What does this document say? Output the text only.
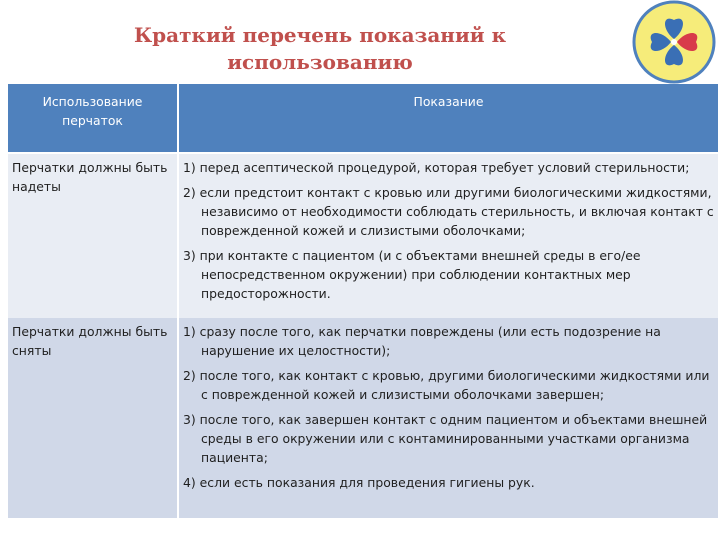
Краткий перечень показаний к использованию
Использование перчаток	Показание
Перчатки должны быть надеты	1) перед асептической процедурой, которая требует условий стерильности;
2) если предстоит контакт с кровью или другими биологическими жидкостями, независимо от необходимости соблюдать стерильность, и включая контакт с поврежденной кожей и слизистыми оболочками;
3) при контакте с пациентом (и с объектами внешней среды в его/ее непосредственном окружении) при соблюдении контактных мер предосторожности.

Перчатки должны быть сняты	1) сразу после того, как перчатки повреждены (или есть подозрение на нарушение их целостности);
2) после того, как контакт с кровью, другими биологическими жидкостями или с поврежденной кожей и слизистыми оболочками завершен;
3) после того, как завершен контакт с одним пациентом и объектами внешней среды в его окружении или с контаминированными участками организма пациента;
4) если есть показания для проведения гигиены рук.
